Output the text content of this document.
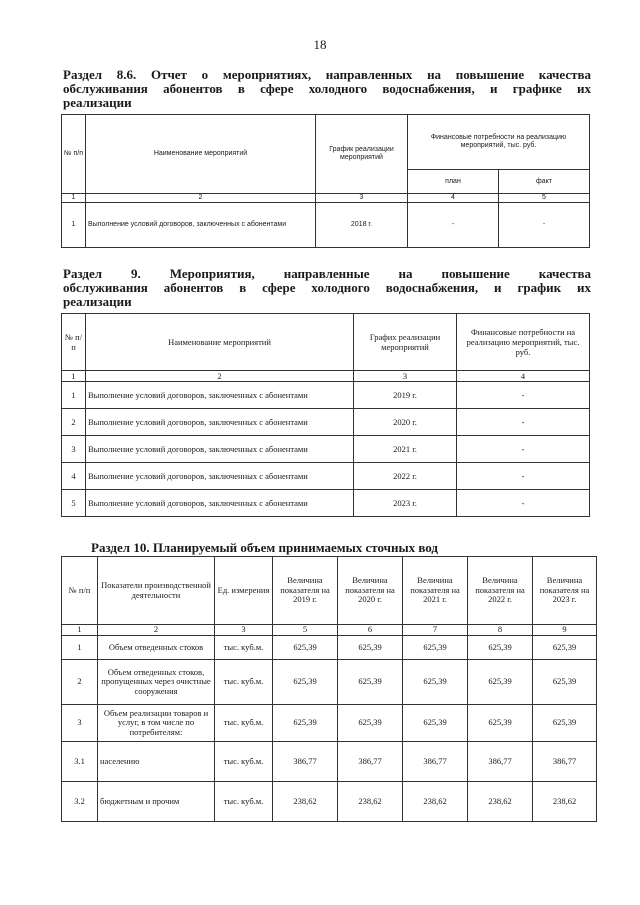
18
Раздел 8.6. Отчет о мероприятиях, направленных на повышение качества
обслуживания абонентов в сфере холодного водоснабжения, и графике их
реализации
№ п/п	Наименование мероприятий	График реализации мероприятий	Финансовые потребности на реализацию мероприятий, тыс. руб.	
			план	факт
1	2	3	4	5
1	Выполнение условий договоров, заключенных с абонентами	2018 г.	-	-
Раздел 9. Мероприятия, направленные на повышение качества
обслуживания абонентов в сфере холодного водоснабжения, и график их
реализации
№ п/п	Наименование мероприятий	Графих реализации мероприятий	Финансовые потребности на реализацию мероприятий, тыс. руб.
1	2	3	4
1	Выполнение условий договоров, заключенных с абонентами	2019 г.	-
2	Выполнение условий договоров, заключенных с абонентами	2020 г.	-
3	Выполнение условий договоров, заключенных с абонентами	2021 г.	-
4	Выполнение условий договоров, заключенных с абонентами	2022 г.	-
5	Выполнение условий договоров, заключенных с абонентами	2023 г.	-
Раздел 10. Планируемый объем принимаемых сточных вод
№ п/п	Показатели производственной деятельности	Ед. измерения	Величина показателя на 2019 г.	Величина показателя на 2020 г.	Величина показателя на 2021 г.	Величина показателя на 2022 г.	Величина показателя на 2023 г.
1	2	3	5	6	7	8	9
1	Объем отведенных стоков	тыс. куб.м.	625,39	625,39	625,39	625,39	625,39
2	Объем отведенных стоков, пропущенных через очистные сооружения	тыс. куб.м.	625,39	625,39	625,39	625,39	625,39
3	Объем реализации товаров и услуг, в том числе по потребителям:	тыс. куб.м.	625,39	625,39	625,39	625,39	625,39
3.1	населению	тыс. куб.м.	386,77	386,77	386,77	386,77	386,77
3.2	бюджетным и прочим	тыс. куб.м.	238,62	238,62	238,62	238,62	238,62
